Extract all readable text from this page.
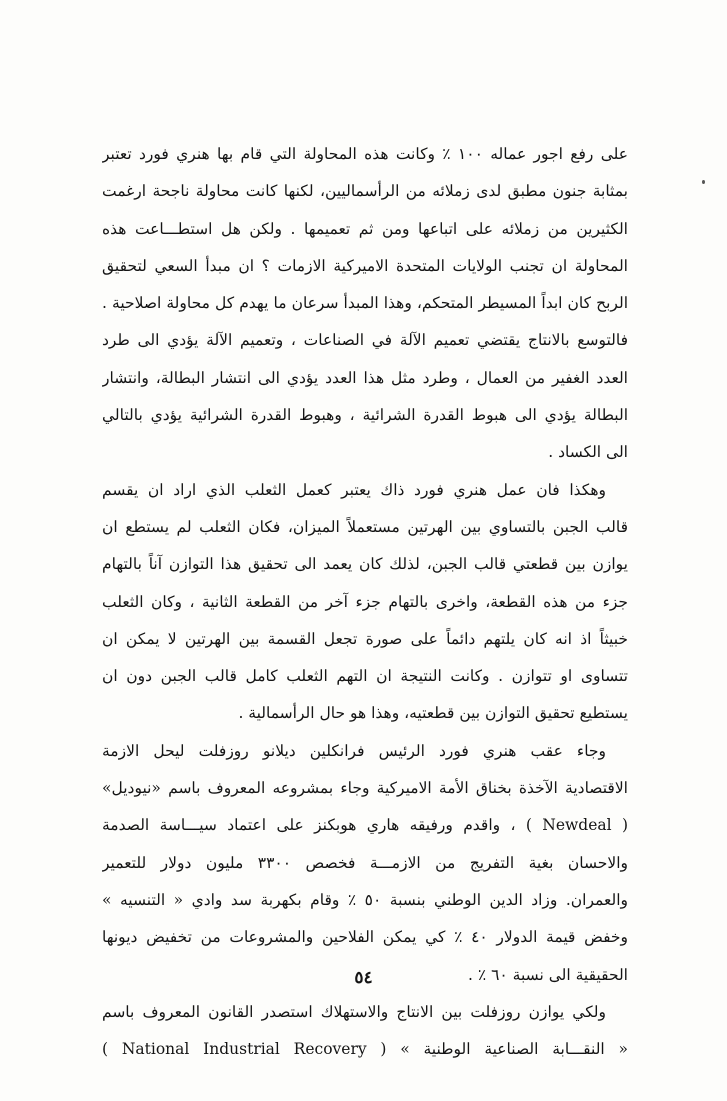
على رفع اجور عماله ١٠٠ ٪ وكانت هذه المحاولة التي قام بها هنري فورد تعتبر
بمثابة جنون مطبق لدى زملائه من الرأسماليين، لكنها كانت محاولة ناجحة ارغمت
الكثيرين من زملائه على اتباعها ومن ثم تعميمها . ولكن هل استطـــاعت هذه
المحاولة ان تجنب الولايات المتحدة الاميركية الازمات ؟ ان مبدأ السعي لتحقيق
الربح كان ابداً المسيطر المتحكم، وهذا المبدأ سرعان ما يهدم كل محاولة اصلاحية .
فالتوسع بالانتاج يقتضي تعميم الآلة في الصناعات ، وتعميم الآلة يؤدي الى طرد
العدد الغفير من العمال ، وطرد مثل هذا العدد يؤدي الى انتشار البطالة، وانتشار
البطالة يؤدي الى هبوط القدرة الشرائية ، وهبوط القدرة الشرائية يؤدي بالتالي
الى الكساد .
وهكذا فان عمل هنري فورد ذاك يعتبر كعمل الثعلب الذي اراد ان يقسم
قالب الجبن بالتساوي بين الهرتين مستعملاً الميزان، فكان الثعلب لم يستطع ان
يوازن بين قطعتي قالب الجبن، لذلك كان يعمد الى تحقيق هذا التوازن آناً بالتهام
جزء من هذه القطعة، واخرى بالتهام جزء آخر من القطعة الثانية ، وكان الثعلب
خبيثاً اذ انه كان يلتهم دائماً على صورة تجعل القسمة بين الهرتين لا يمكن ان
تتساوى او تتوازن . وكانت النتيجة ان التهم الثعلب كامل قالب الجبن دون ان
يستطيع تحقيق التوازن بين قطعتيه، وهذا هو حال الرأسمالية .
وجاء عقب هنري فورد الرئيس فرانكلين ديلانو روزفلت ليحل الازمة
الاقتصادية الآخذة بخناق الأمة الاميركية وجاء بمشروعه المعروف باسم «نيوديل»
( Newdeal ) ، واقدم ورفيقه هاري هوبكنز على اعتماد سيـــاسة الصدمة
والاحسان بغية التفريج من الازمـــة فخصص ٣٣٠٠ مليون دولار للتعمير
والعمران. وزاد الدين الوطني بنسبة ٥٠ ٪ وقام بكهربة سد وادي « التنسيه »
وخفض قيمة الدولار ٤٠ ٪ كي يمكن الفلاحين والمشروعات من تخفيض ديونها
الحقيقية الى نسبة ٦٠ ٪ .
ولكي يوازن روزفلت بين الانتاج والاستهلاك استصدر القانون المعروف باسم
« النقـــابة الصناعية الوطنية » ( National Industrial Recovery )
٥٤
